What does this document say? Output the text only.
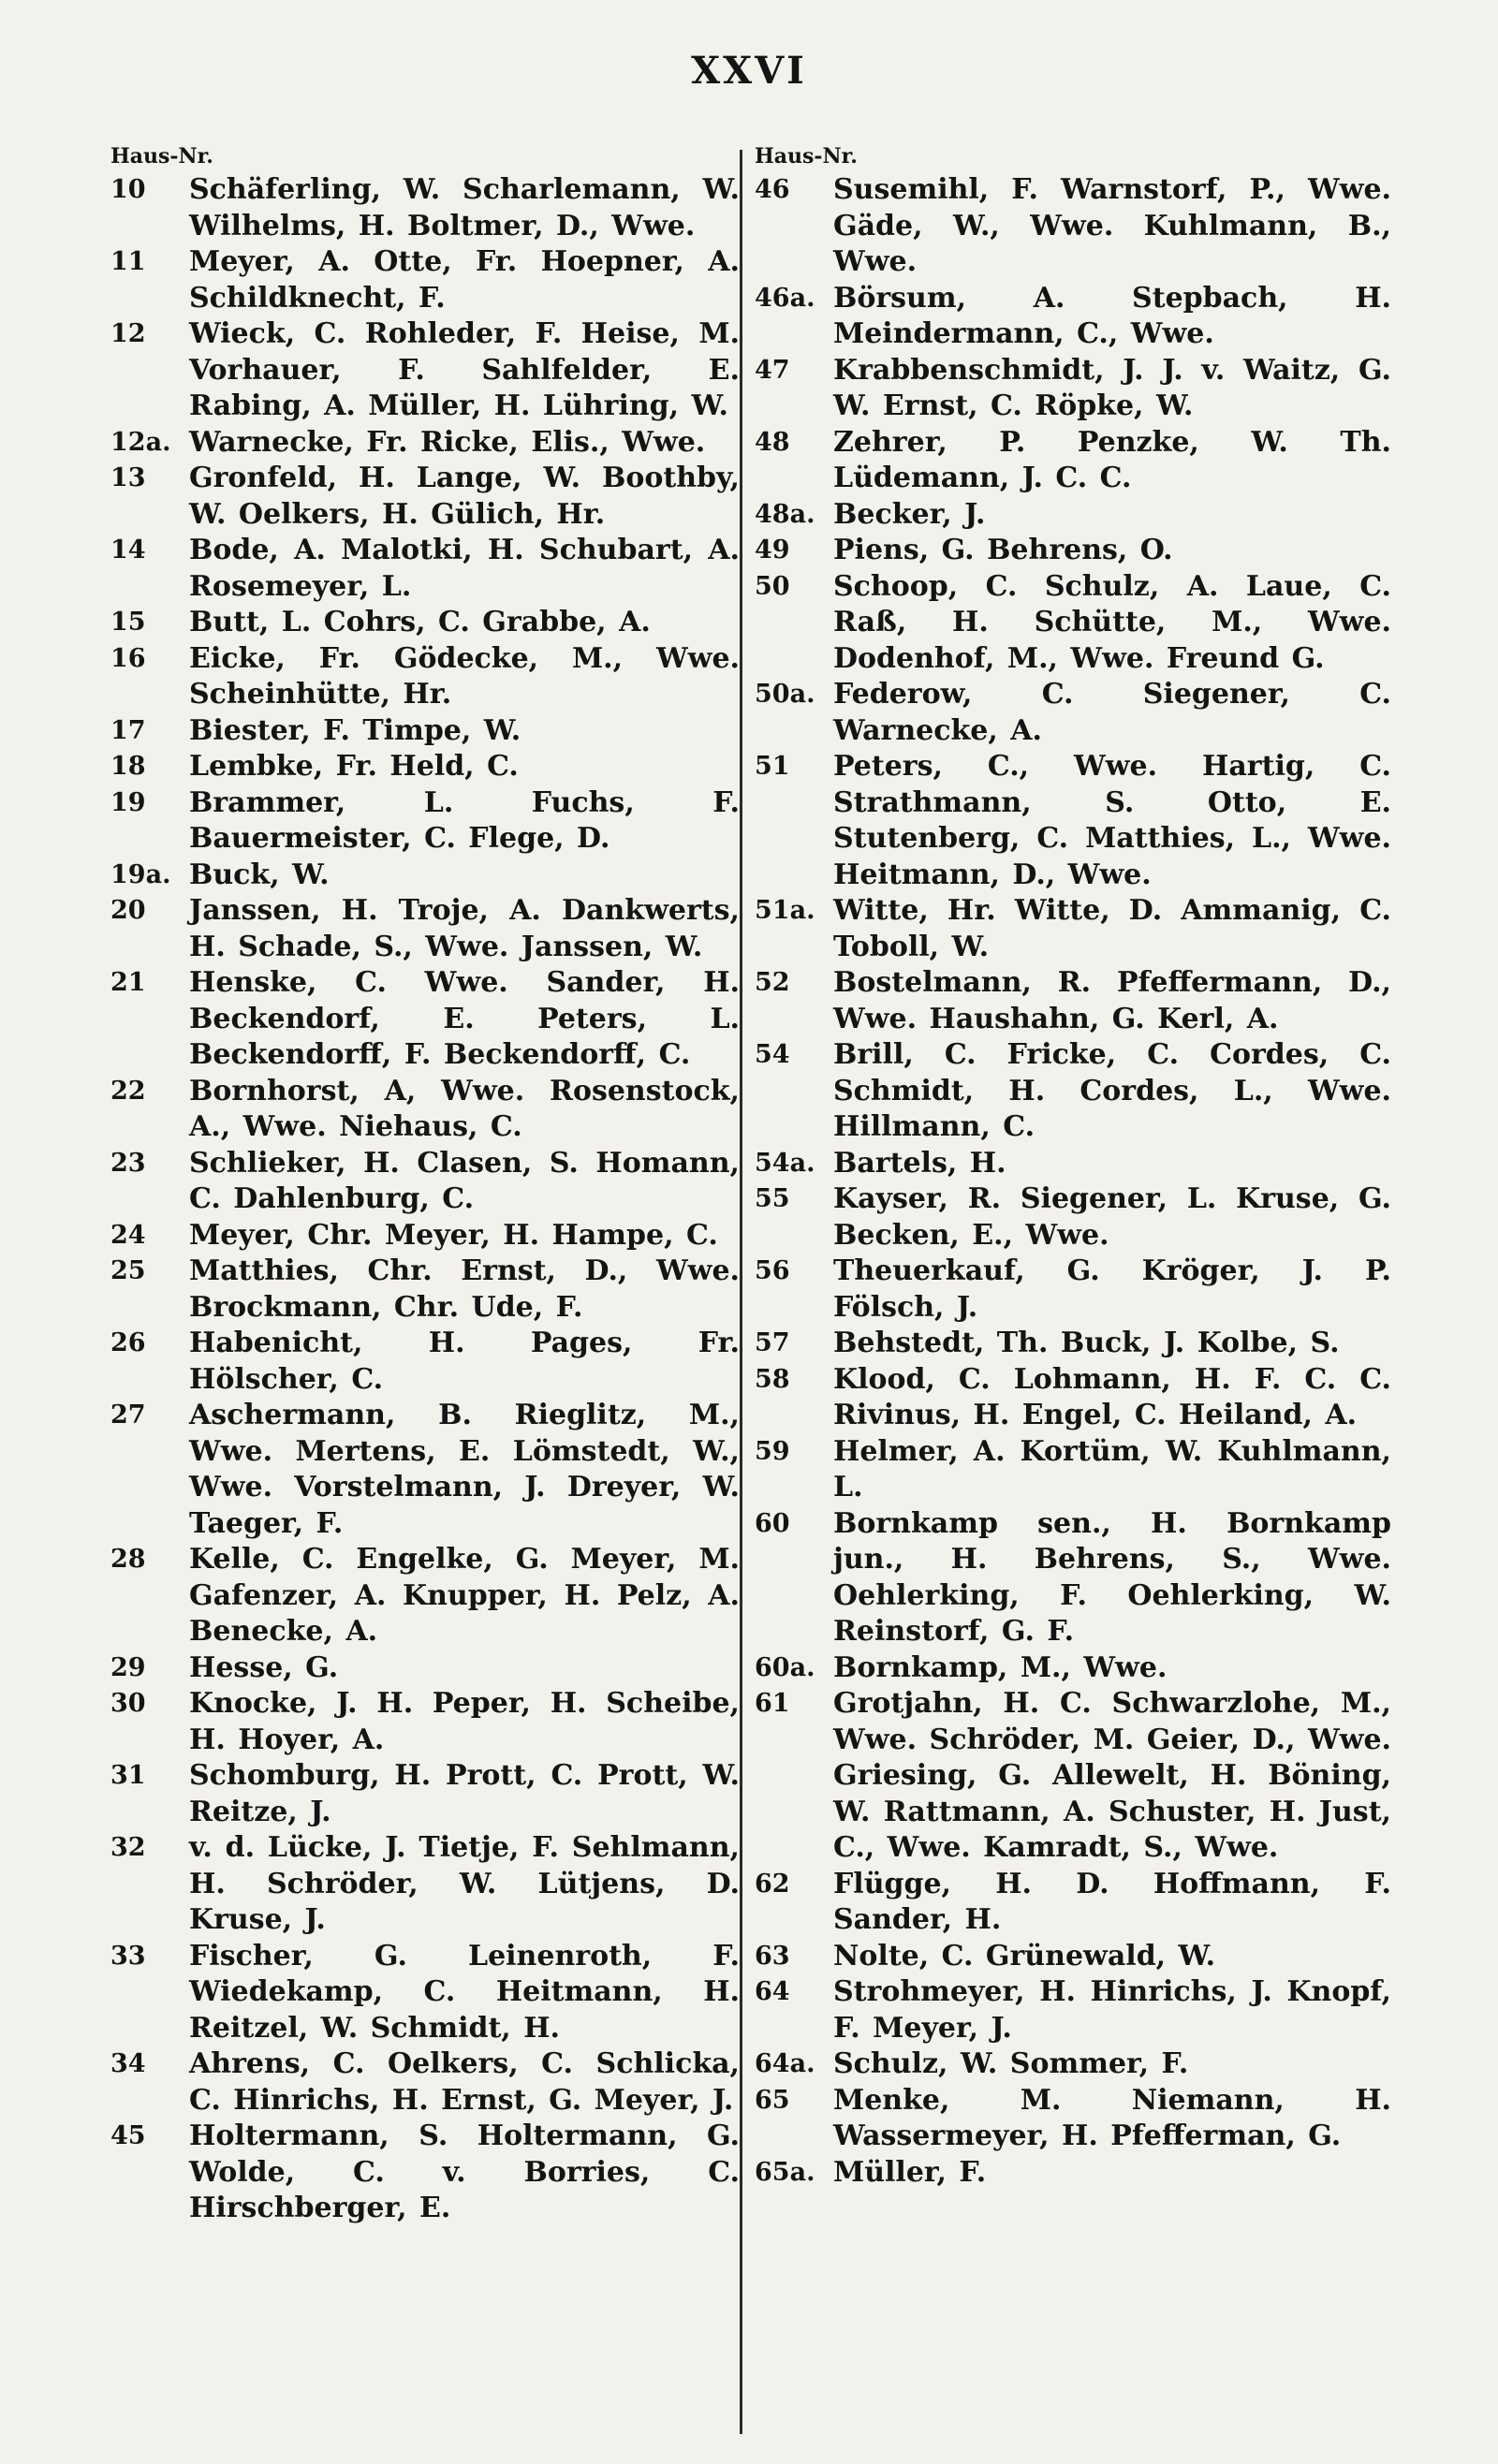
XXVI
Haus-Nr.
10	Schäferling, W. Scharlemann, W. Wilhelms, H. Boltmer, D., Wwe.
11	Meyer, A. Otte, Fr. Hoepner, A. Schildknecht, F.
12	Wieck, C. Rohleder, F. Heise, M. Vorhauer, F. Sahlfelder, E. Rabing, A. Müller, H. Lühring, W.
12a. Warnecke, Fr. Ricke, Elis., Wwe.
13	Gronfeld, H. Lange, W. Boothby, W. Oelkers, H. Gülich, Hr.
14	Bode, A. Malotki, H. Schubart, A. Rosemeyer, L.
15	Butt, L. Cohrs, C. Grabbe, A.
16	Eicke, Fr. Gödecke, M., Wwe. Scheinhütte, Hr.
17	Biester, F. Timpe, W.
18	Lembke, Fr. Held, C.
19	Brammer, L. Fuchs, F. Bauermeister, C. Flege, D.
19a. Buck, W.
20	Janssen, H. Troje, A. Dankwerts, H. Schade, S., Wwe. Janssen, W.
21	Henske, C. Wwe. Sander, H. Beckendorf, E. Peters, L. Beckendorff, F. Beckendorff, C.
22	Bornhorst, A, Wwe. Rosenstock, A., Wwe. Niehaus, C.
23	Schlieker, H. Clasen, S. Homann, C. Dahlenburg, C.
24	Meyer, Chr. Meyer, H. Hampe, C.
25	Matthies, Chr. Ernst, D., Wwe. Brockmann, Chr. Ude, F.
26	Habenicht, H. Pages, Fr. Hölscher, C.
27	Aschermann, B. Rieglitz, M., Wwe. Mertens, E. Lömstedt, W., Wwe. Vorstelmann, J. Dreyer, W. Taeger, F.
28	Kelle, C. Engelke, G. Meyer, M. Gafenzer, A. Knupper, H. Pelz, A. Benecke, A.
29	Hesse, G.
30	Knocke, J. H. Peper, H. Scheibe, H. Hoyer, A.
31	Schomburg, H. Prott, C. Prott, W. Reitze, J.
32	v. d. Lücke, J. Tietje, F. Sehlmann, H. Schröder, W. Lütjens, D. Kruse, J.
33	Fischer, G. Leinenroth, F. Wiedekamp, C. Heitmann, H. Reitzel, W. Schmidt, H.
34	Ahrens, C. Oelkers, C. Schlicka, C. Hinrichs, H. Ernst, G. Meyer, J.
45	Holtermann, S. Holtermann, G. Wolde, C. v. Borries, C. Hirschberger, E.
Haus-Nr.
46	Susemihl, F. Warnstorf, P., Wwe. Gäde, W., Wwe. Kuhlmann, B., Wwe.
46a. Börsum, A. Stepbach, H. Meindermann, C., Wwe.
47	Krabbenschmidt, J. J. v. Waitz, G. W. Ernst, C. Röpke, W.
48	Zehrer, P. Penzke, W. Th. Lüdemann, J. C. C.
48a. Becker, J.
49	Piens, G. Behrens, O.
50	Schoop, C. Schulz, A. Laue, C. Raß, H. Schütte, M., Wwe. Dodenhof, M., Wwe. Freund G.
50a. Federow, C. Siegener, C. Warnecke, A.
51	Peters, C., Wwe. Hartig, C. Strathmann, S. Otto, E. Stutenberg, C. Matthies, L., Wwe. Heitmann, D., Wwe.
51a. Witte, Hr. Witte, D. Ammanig, C. Toboll, W.
52	Bostelmann, R. Pfeffermann, D., Wwe. Haushahn, G. Kerl, A.
54	Brill, C. Fricke, C. Cordes, C. Schmidt, H. Cordes, L., Wwe. Hillmann, C.
54a. Bartels, H.
55	Kayser, R. Siegener, L. Kruse, G. Becken, E., Wwe.
56	Theuerkauf, G. Kröger, J. P. Fölsch, J.
57	Behstedt, Th. Buck, J. Kolbe, S.
58	Klood, C. Lohmann, H. F. C. C. Rivinus, H. Engel, C. Heiland, A.
59	Helmer, A. Kortüm, W. Kuhlmann, L.
60	Bornkamp sen., H. Bornkamp jun., H. Behrens, S., Wwe. Oehlerking, F. Oehlerking, W. Reinstorf, G. F.
60a. Bornkamp, M., Wwe.
61	Grotjahn, H. C. Schwarzlohe, M., Wwe. Schröder, M. Geier, D., Wwe. Griesing, G. Allewelt, H. Böning, W. Rattmann, A. Schuster, H. Just, C., Wwe. Kamradt, S., Wwe.
62	Flügge, H. D. Hoffmann, F. Sander, H.
63	Nolte, C. Grünewald, W.
64	Strohmeyer, H. Hinrichs, J. Knopf, F. Meyer, J.
64a. Schulz, W. Sommer, F.
65	Menke, M. Niemann, H. Wassermeyer, H. Pfefferman, G.
65a. Müller, F.
